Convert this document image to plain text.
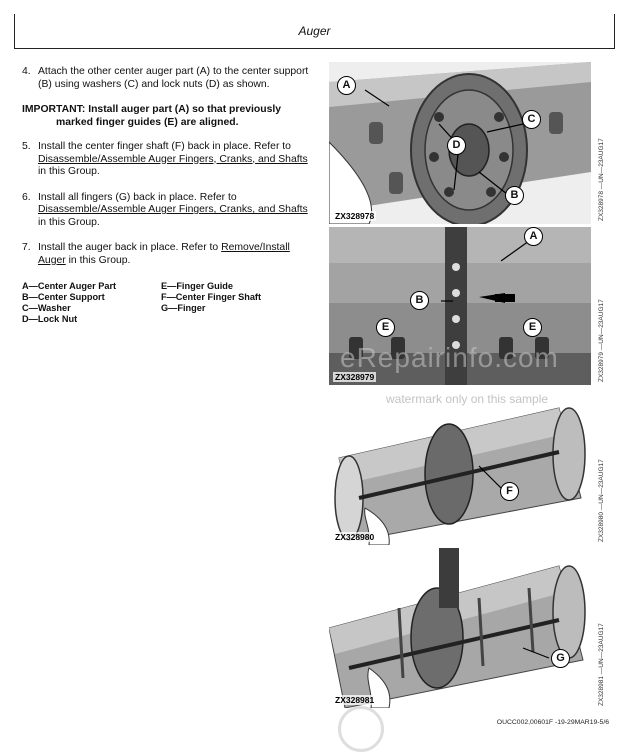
Auger
4. Attach the other center auger part (A) to the center support (B) using washers (C) and lock nuts (D) as shown.
IMPORTANT: Install auger part (A) so that previously marked finger guides (E) are aligned.
5. Install the center finger shaft (F) back in place. Refer to Disassemble/Assemble Auger Fingers, Cranks, and Shafts in this Group.
6. Install all fingers (G) back in place. Refer to Disassemble/Assemble Auger Fingers, Cranks, and Shafts in this Group.
7. Install the auger back in place. Refer to Remove/Install Auger in this Group.
A—Center Auger Part	E—Finger Guide
B—Center Support	F—Center Finger Shaft
C—Washer	G—Finger
D—Lock Nut
A
C
D
B
ZX328978	ZX328978 —UN—23AUG17
A
B
E	E
ZX328979	ZX328979 —UN—23AUG17
F
ZX328980	ZX328980 —UN—23AUG17
G
ZX328981	ZX328981 —UN—23AUG17
eRepairinfo.com
watermark only on this sample
OUCC002,00601F -19-29MAR19-5/6
